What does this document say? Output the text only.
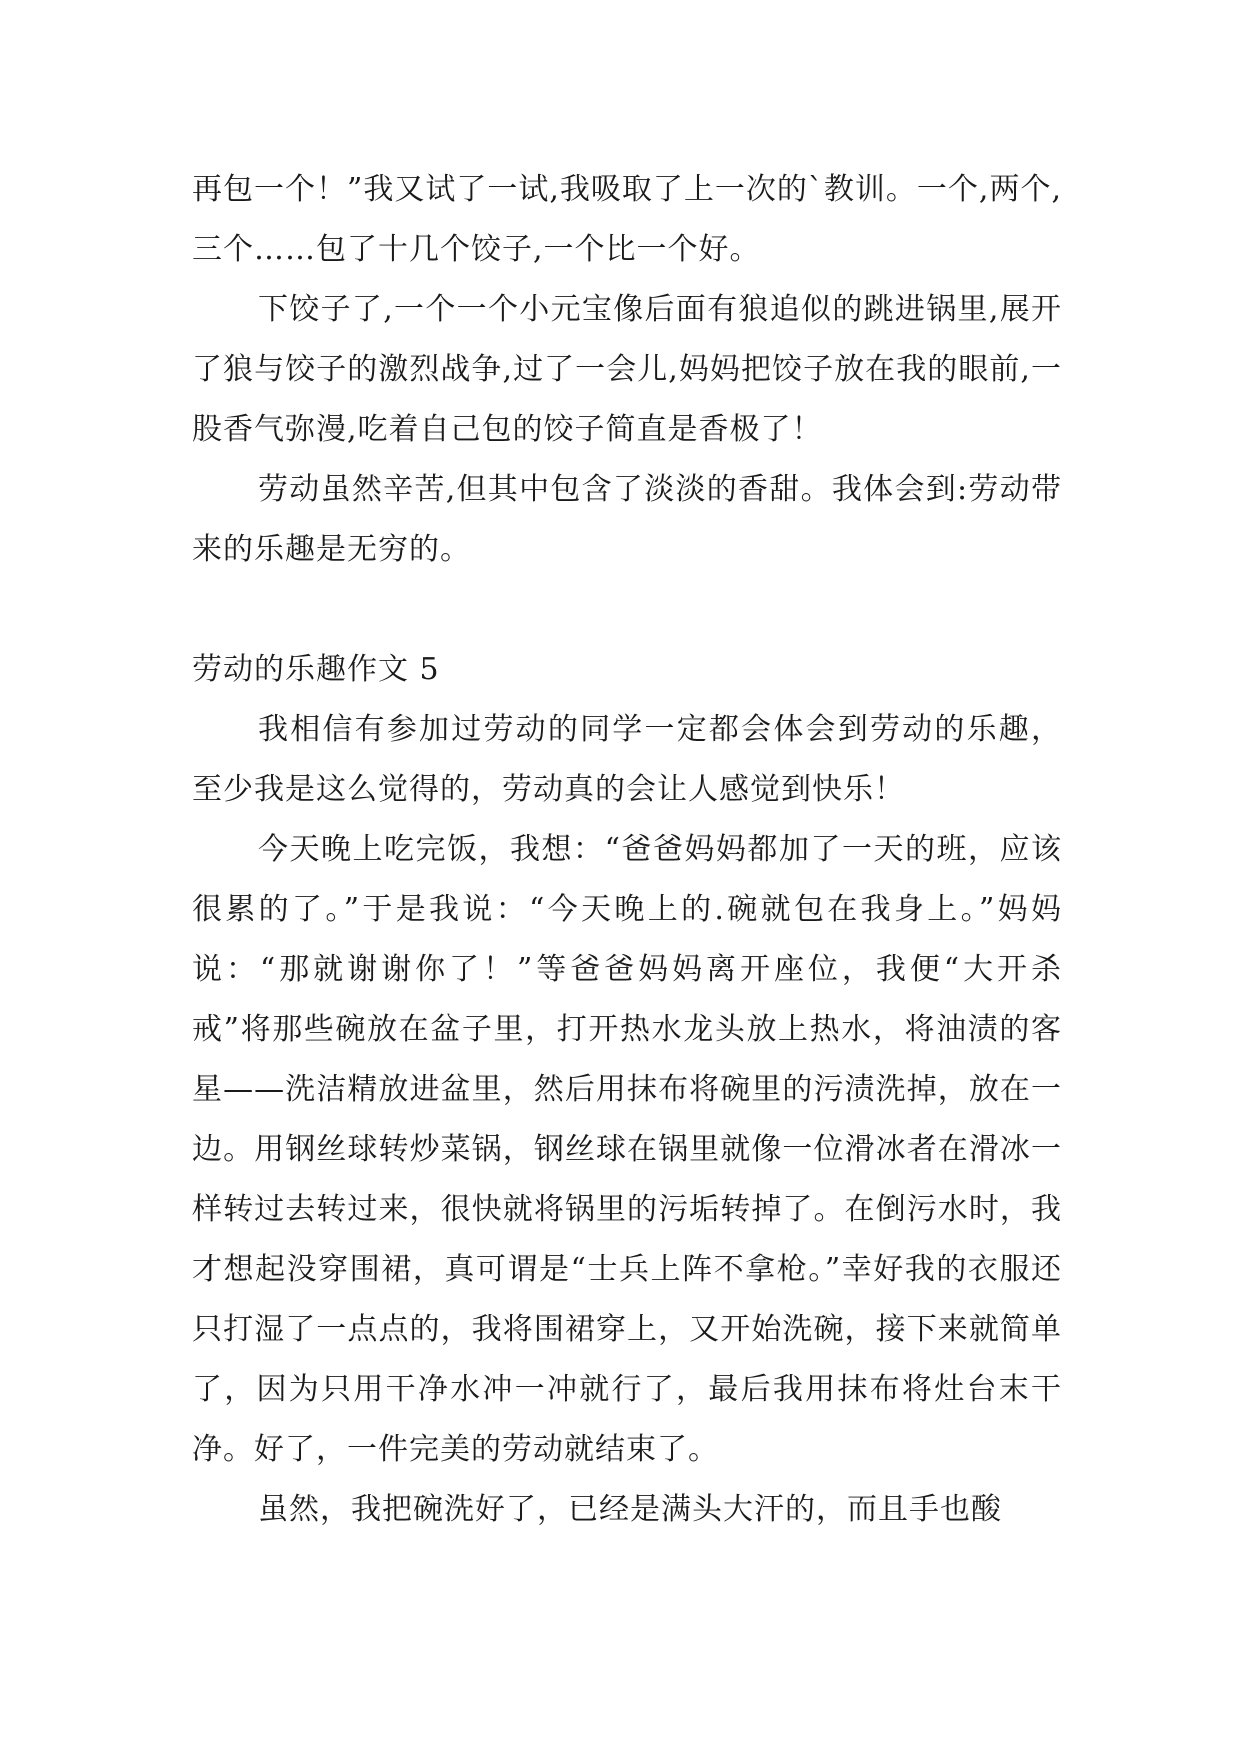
再包一个！”我又试了一试,我吸取了上一次的`教训。一个,两个,三个……包了十几个饺子,一个比一个好。

下饺子了,一个一个小元宝像后面有狼追似的跳进锅里,展开了狼与饺子的激烈战争,过了一会儿,妈妈把饺子放在我的眼前,一股香气弥漫,吃着自己包的饺子简直是香极了！

劳动虽然辛苦,但其中包含了淡淡的香甜。我体会到:劳动带来的乐趣是无穷的。

劳动的乐趣作文 5

我相信有参加过劳动的同学一定都会体会到劳动的乐趣，至少我是这么觉得的，劳动真的会让人感觉到快乐！

今天晚上吃完饭，我想：“爸爸妈妈都加了一天的班，应该很累的了。”于是我说：“今天晚上的.碗就包在我身上。”妈妈说：“那就谢谢你了！”等爸爸妈妈离开座位，我便“大开杀戒”将那些碗放在盆子里，打开热水龙头放上热水，将油渍的客星——洗洁精放进盆里，然后用抹布将碗里的污渍洗掉，放在一边。用钢丝球转炒菜锅，钢丝球在锅里就像一位滑冰者在滑冰一样转过去转过来，很快就将锅里的污垢转掉了。在倒污水时，我才想起没穿围裙，真可谓是“士兵上阵不拿枪。”幸好我的衣服还只打湿了一点点的，我将围裙穿上，又开始洗碗，接下来就简单了，因为只用干净水冲一冲就行了，最后我用抹布将灶台末干净。好了，一件完美的劳动就结束了。

虽然，我把碗洗好了，已经是满头大汗的，而且手也酸
